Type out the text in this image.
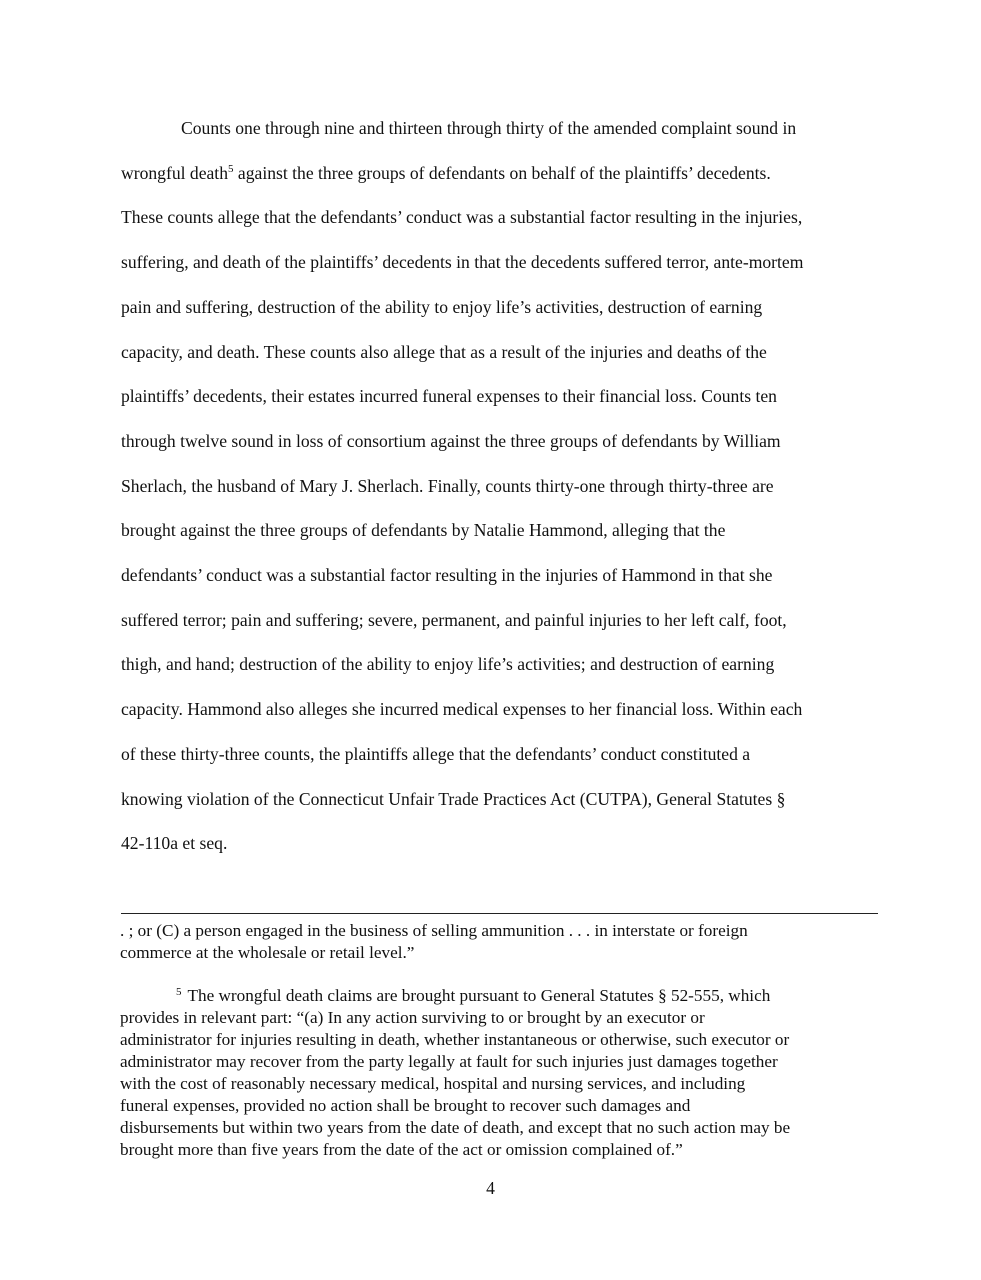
Counts one through nine and thirteen through thirty of the amended complaint sound in
wrongful death$^5$ against the three groups of defendants on behalf of the plaintiffs’ decedents.
These counts allege that the defendants’ conduct was a substantial factor resulting in the injuries,
suffering, and death of the plaintiffs’ decedents in that the decedents suffered terror, ante-mortem
pain and suffering, destruction of the ability to enjoy life’s activities, destruction of earning
capacity, and death. These counts also allege that as a result of the injuries and deaths of the
plaintiffs’ decedents, their estates incurred funeral expenses to their financial loss. Counts ten
through twelve sound in loss of consortium against the three groups of defendants by William
Sherlach, the husband of Mary J. Sherlach. Finally, counts thirty-one through thirty-three are
brought against the three groups of defendants by Natalie Hammond, alleging that the
defendants’ conduct was a substantial factor resulting in the injuries of Hammond in that she
suffered terror; pain and suffering; severe, permanent, and painful injuries to her left calf, foot,
thigh, and hand; destruction of the ability to enjoy life’s activities; and destruction of earning
capacity. Hammond also alleges she incurred medical expenses to her financial loss. Within each
of these thirty-three counts, the plaintiffs allege that the defendants’ conduct constituted a
knowing violation of the Connecticut Unfair Trade Practices Act (CUTPA), General Statutes §
42-110a et seq.
. ; or (C) a person engaged in the business of selling ammunition . . . in interstate or foreign
commerce at the wholesale or retail level.”
$^5$ The wrongful death claims are brought pursuant to General Statutes § 52-555, which
provides in relevant part: “(a) In any action surviving to or brought by an executor or
administrator for injuries resulting in death, whether instantaneous or otherwise, such executor or
administrator may recover from the party legally at fault for such injuries just damages together
with the cost of reasonably necessary medical, hospital and nursing services, and including
funeral expenses, provided no action shall be brought to recover such damages and
disbursements but within two years from the date of death, and except that no such action may be
brought more than five years from the date of the act or omission complained of.”
4
